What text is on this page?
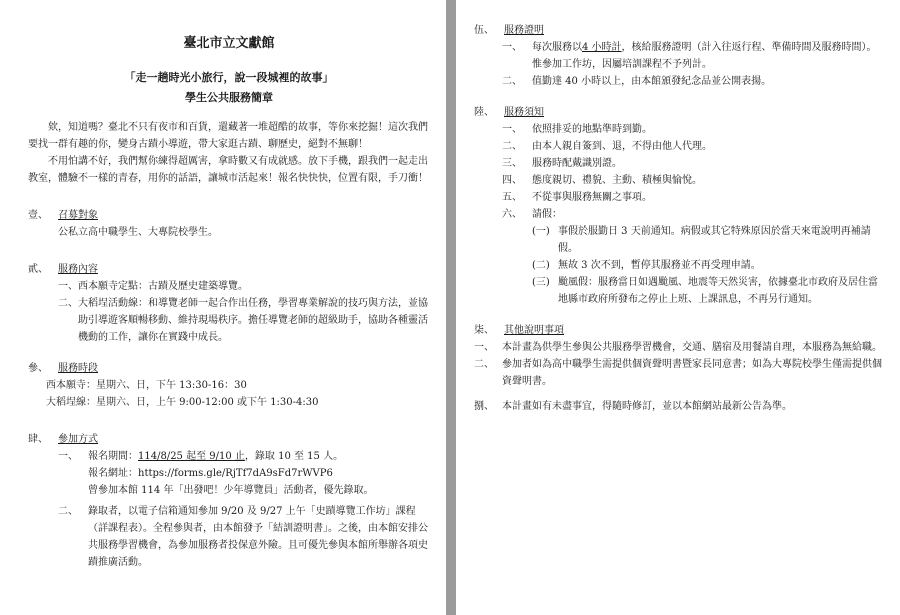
臺北市立文獻館
「走一趟時光小旅行，說一段城裡的故事」
學生公共服務簡章

欸，知道嗎？臺北不只有夜市和百貨，還藏著一堆超酷的故事，等你來挖掘！這次我們要找一群有趣的你，變身古蹟小導遊，帶大家逛古蹟、聊歷史，絕對不無聊！

不用怕講不好，我們幫你練得超厲害，拿時數又有成就感。放下手機，跟我們一起走出教室，體驗不一樣的青春，用你的話語，讓城市活起來！報名快快快，位置有限，手刀衝！

壹、	召募對象
公私立高中職學生、大專院校學生。
貳、	服務內容
一、 西本願寺定點：古蹟及歷史建築導覽。
二、 大稻埕活動線：和導覽老師一起合作出任務，學習專業解說的技巧與方法，並協助引導遊客順暢移動、維持現場秩序。擔任導覽老師的超級助手，協助各種靈活機動的工作，讓你在實踐中成長。
參、	服務時段
西本願寺：星期六、日，下午 13:30-16：30
大稻埕線：星期六、日，上午 9:00-12:00 或下午 1:30-4:30
肆、	參加方式
一、	報名期間：114/8/25 起至 9/10 止，錄取 10 至 15 人。
報名網址：https://forms.gle/RjTf7dA9sFd7rWVP6
曾參加本館 114 年「出發吧！少年導覽員」活動者，優先錄取。
二、	錄取者，以電子信箱通知參加 9/20 及 9/27 上午「史蹟導覽工作坊」課程（詳課程表）。全程參與者，由本館發予「結訓證明書」。之後，由本館安排公共服務學習機會，為參加服務者投保意外險。且可優先參與本館所舉辦各項史蹟推廣活動。
伍、	服務證明
一、	每次服務以4 小時計，核給服務證明（計入往返行程、準備時間及服務時間）。惟參加工作坊，因屬培訓課程不予列計。
二、	值勤達 40 小時以上，由本館頒發紀念品並公開表揚。
陸、	服務須知
一、	依照排妥的地點準時到勤。
二、	由本人親自簽到、退，不得由他人代理。
三、	服務時配戴識別證。
四、	態度親切、禮貌、主動、積極與愉悅。
五、	不從事與服務無關之事項。
六、	請假：
(一) 事假於服勤日 3 天前通知。病假或其它特殊原因於當天來電說明再補請假。
(二) 無故 3 次不到，暫停其服務並不再受理申請。
(三) 颱風假：服務當日如遇颱風、地震等天然災害，依據臺北市政府及居住當地縣市政府所發布之停止上班、上課訊息，不再另行通知。
柒、	其他說明事項
一、 本計畫為供學生參與公共服務學習機會，交通、膳宿及用餐請自理，本服務為無給職。
二、 參加者如為高中職學生需提供個資聲明書暨家長同意書；如為大專院校學生僅需提供個資聲明書。
捌、 本計畫如有未盡事宜，得隨時修訂，並以本館網站最新公告為準。
